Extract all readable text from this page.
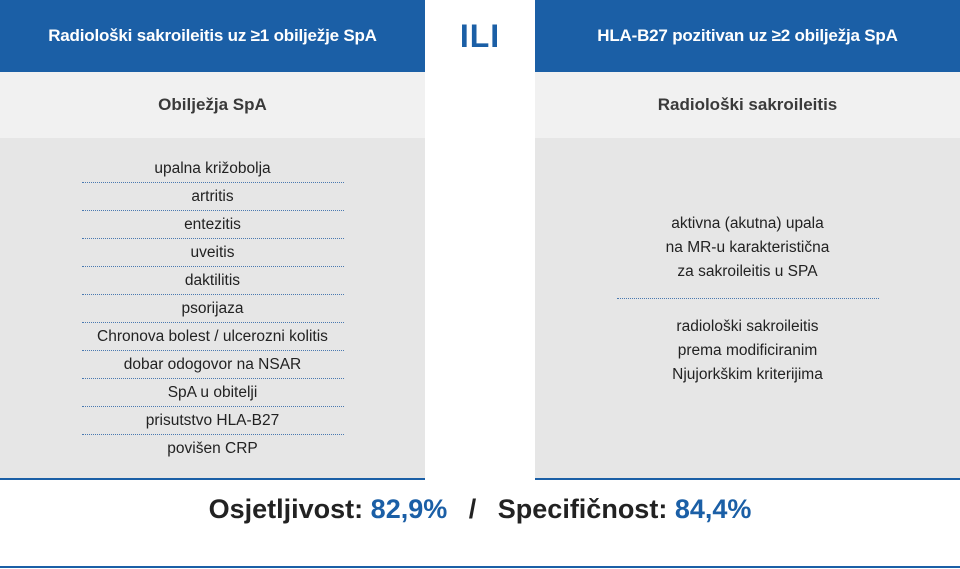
Radiološki sakroileitis uz ≥1 obilježje SpA
Obilježja SpA
upalna križobolja
artritis
entezitis
uveitis
daktilitis
psorijaza
Chronova bolest / ulcerozni kolitis
dobar odogovor na NSAR
SpA u obitelji
prisutstvo HLA-B27
povišen CRP
ILI	HLA-B27 pozitivan uz ≥2 obilježja SpA
Radiološki sakroileitis
aktivna (akutna) upala
na MR-u karakteristična
za sakroileitis u SPA
radiološki sakroileitis
prema modificiranim
Njujorkškim kriterijima
Osjetljivost: 82,9% / Specifičnost: 84,4%
